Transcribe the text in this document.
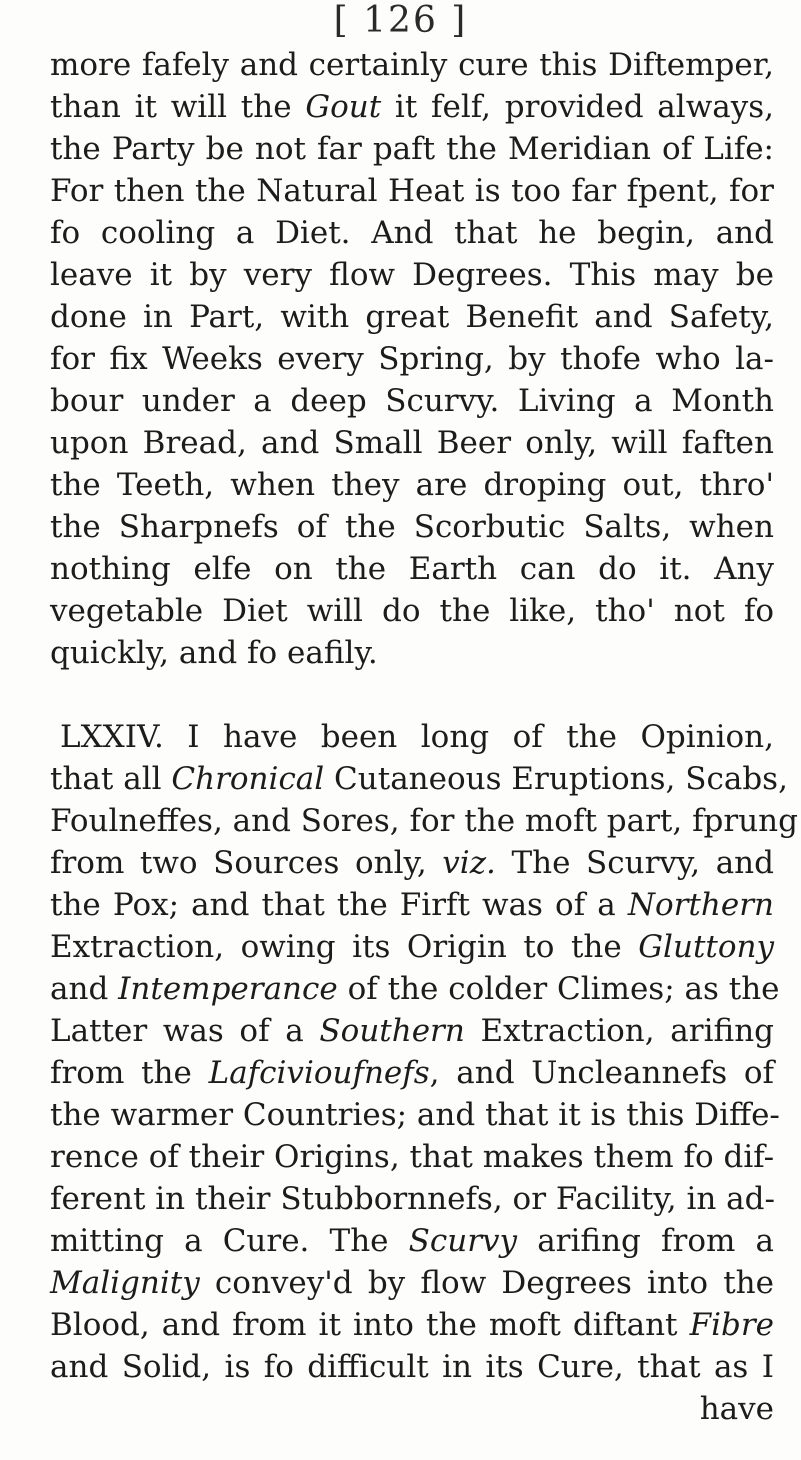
[ 126 ]
more fafely and certainly cure this Diftemper,
than it will the Gout it felf, provided always,
the Party be not far paft the Meridian of Life:
For then the Natural Heat is too far fpent, for
fo cooling a Diet. And that he begin, and
leave it by very flow Degrees. This may be
done in Part, with great Benefit and Safety,
for fix Weeks every Spring, by thofe who la-
bour under a deep Scurvy. Living a Month
upon Bread, and Small Beer only, will faften
the Teeth, when they are droping out, thro'
the Sharpnefs of the Scorbutic Salts, when
nothing elfe on the Earth can do it. Any
vegetable Diet will do the like, tho' not fo
quickly, and fo eafily.
LXXIV. I have been long of the Opinion,
that all Chronical Cutaneous Eruptions, Scabs,
Foulneffes, and Sores, for the moft part, fprung
from two Sources only, viz. The Scurvy, and
the Pox; and that the Firft was of a Northern
Extraction, owing its Origin to the Gluttony
and Intemperance of the colder Climes; as the
Latter was of a Southern Extraction, arifing
from the Lafcivioufnefs, and Uncleannefs of
the warmer Countries; and that it is this Diffe-
rence of their Origins, that makes them fo dif-
ferent in their Stubbornnefs, or Facility, in ad-
mitting a Cure. The Scurvy arifing from a
Malignity convey'd by flow Degrees into the
Blood, and from it into the moft diftant Fibre
and Solid, is fo difficult in its Cure, that as I
have
